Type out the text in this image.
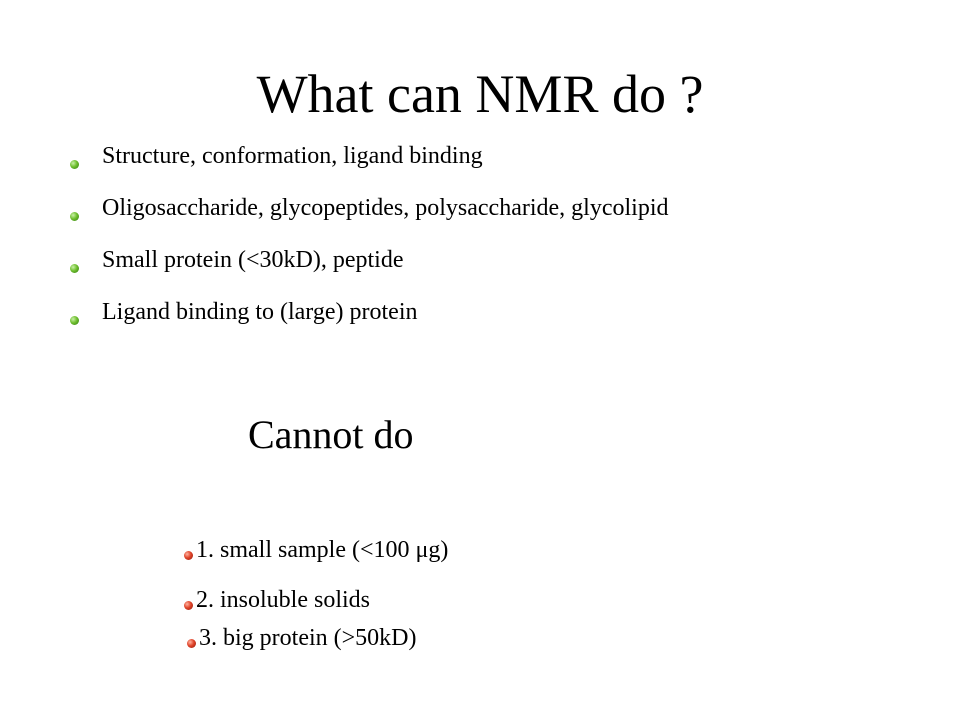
What can NMR do ?
Structure, conformation, ligand binding
Oligosaccharide, glycopeptides, polysaccharide, glycolipid
Small protein (<30kD), peptide
Ligand binding to (large) protein
Cannot do
1. small sample (<100 μg)
2. insoluble solids
3. big protein (>50kD)
